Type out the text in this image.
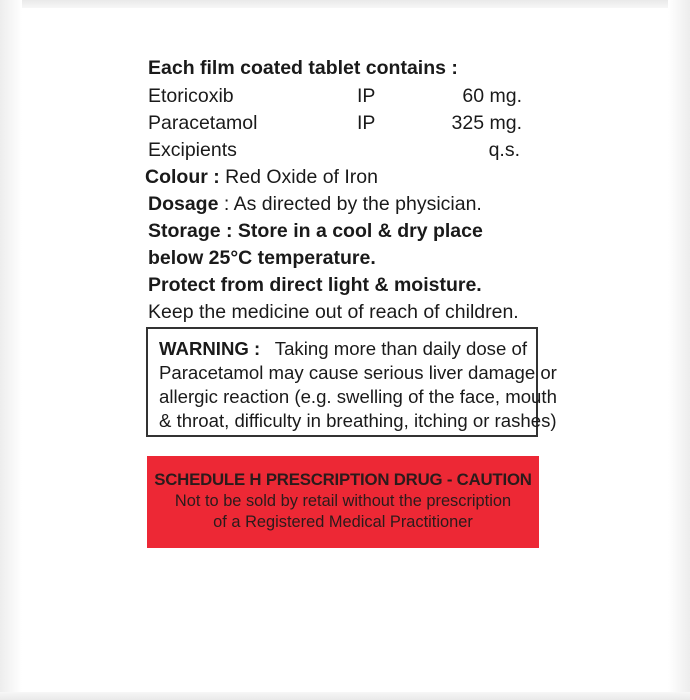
Each film coated tablet contains :
Etoricoxib	IP	60 mg.
Paracetamol	IP	325 mg.
Excipients	q.s.
Colour : Red Oxide of Iron
Dosage : As directed by the physician.
Storage : Store in a cool & dry place
below 25°C temperature.
Protect from direct light & moisture.
Keep the medicine out of reach of children.
WARNING : Taking more than daily dose of
Paracetamol may cause serious liver damage or
allergic reaction (e.g. swelling of the face, mouth
& throat, difficulty in breathing, itching or rashes)
SCHEDULE H PRESCRIPTION DRUG - CAUTION
Not to be sold by retail without the prescription
of a Registered Medical Practitioner
